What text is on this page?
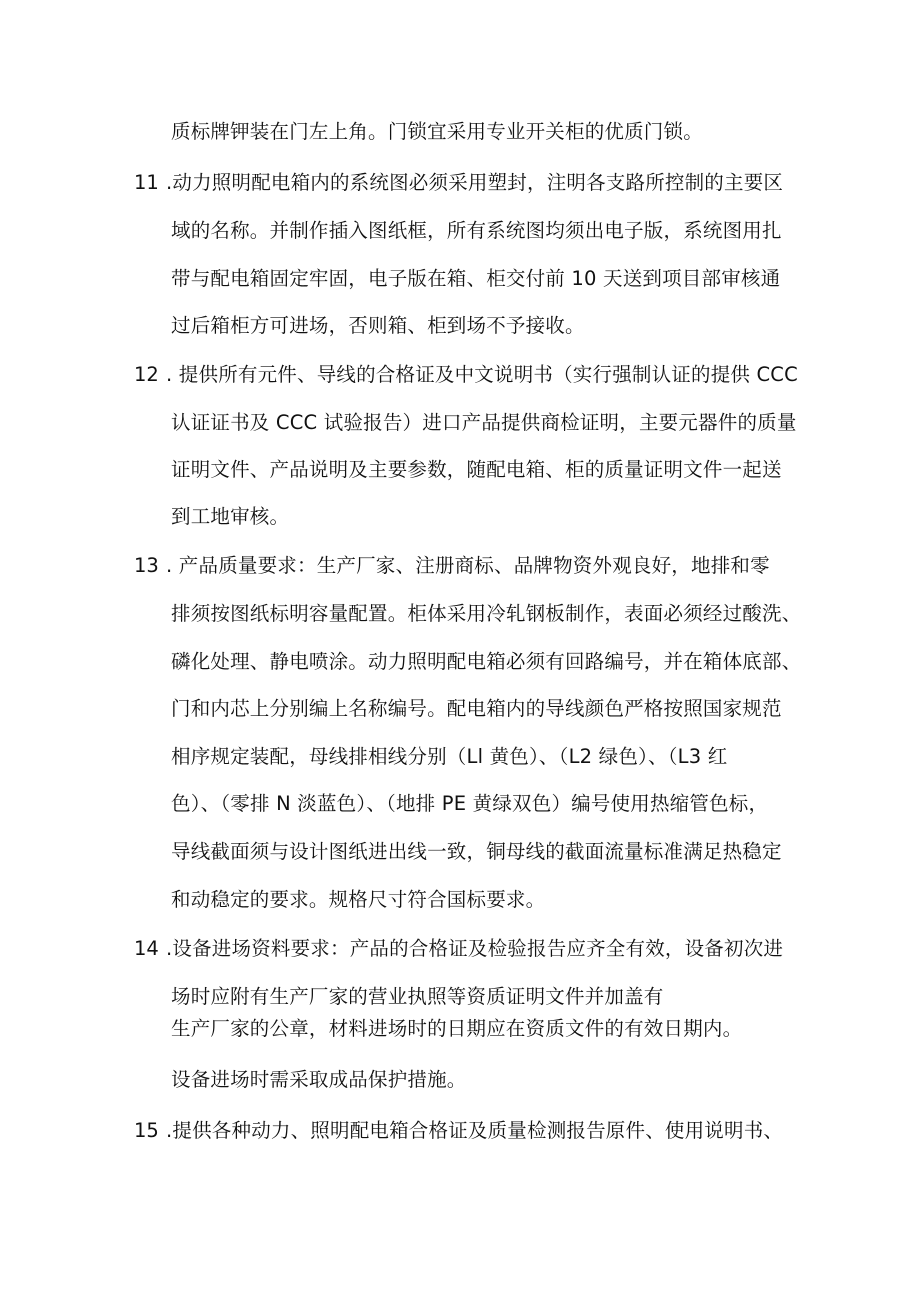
质标牌钾装在门左上角。门锁宜采用专业开关柜的优质门锁。
11 .动力照明配电箱内的系统图必须采用塑封，注明各支路所控制的主要区
域的名称。并制作插入图纸框，所有系统图均须出电子版，系统图用扎
带与配电箱固定牢固，电子版在箱、柜交付前 10 天送到项目部审核通
过后箱柜方可进场，否则箱、柜到场不予接收。
12 . 提供所有元件、导线的合格证及中文说明书（实行强制认证的提供 CCC
认证证书及 CCC 试验报告）进口产品提供商检证明，主要元器件的质量
证明文件、产品说明及主要参数，随配电箱、柜的质量证明文件一起送
到工地审核。
13 . 产品质量要求：生产厂家、注册商标、品牌物资外观良好，地排和零
排须按图纸标明容量配置。柜体采用冷轧钢板制作，表面必须经过酸洗、
磷化处理、静电喷涂。动力照明配电箱必须有回路编号，并在箱体底部、
门和内芯上分别编上名称编号。配电箱内的导线颜色严格按照国家规范
相序规定装配，母线排相线分别（Ll 黄色）、（L2 绿色）、（L3 红
色）、（零排 N 淡蓝色）、（地排 PE 黄绿双色）编号使用热缩管色标，
导线截面须与设计图纸进出线一致，铜母线的截面流量标准满足热稳定
和动稳定的要求。规格尺寸符合国标要求。
14 .设备进场资料要求：产品的合格证及检验报告应齐全有效，设备初次进
场时应附有生产厂家的营业执照等资质证明文件并加盖有
生产厂家的公章，材料进场时的日期应在资质文件的有效日期内。
设备进场时需采取成品保护措施。
15 .提供各种动力、照明配电箱合格证及质量检测报告原件、使用说明书、
